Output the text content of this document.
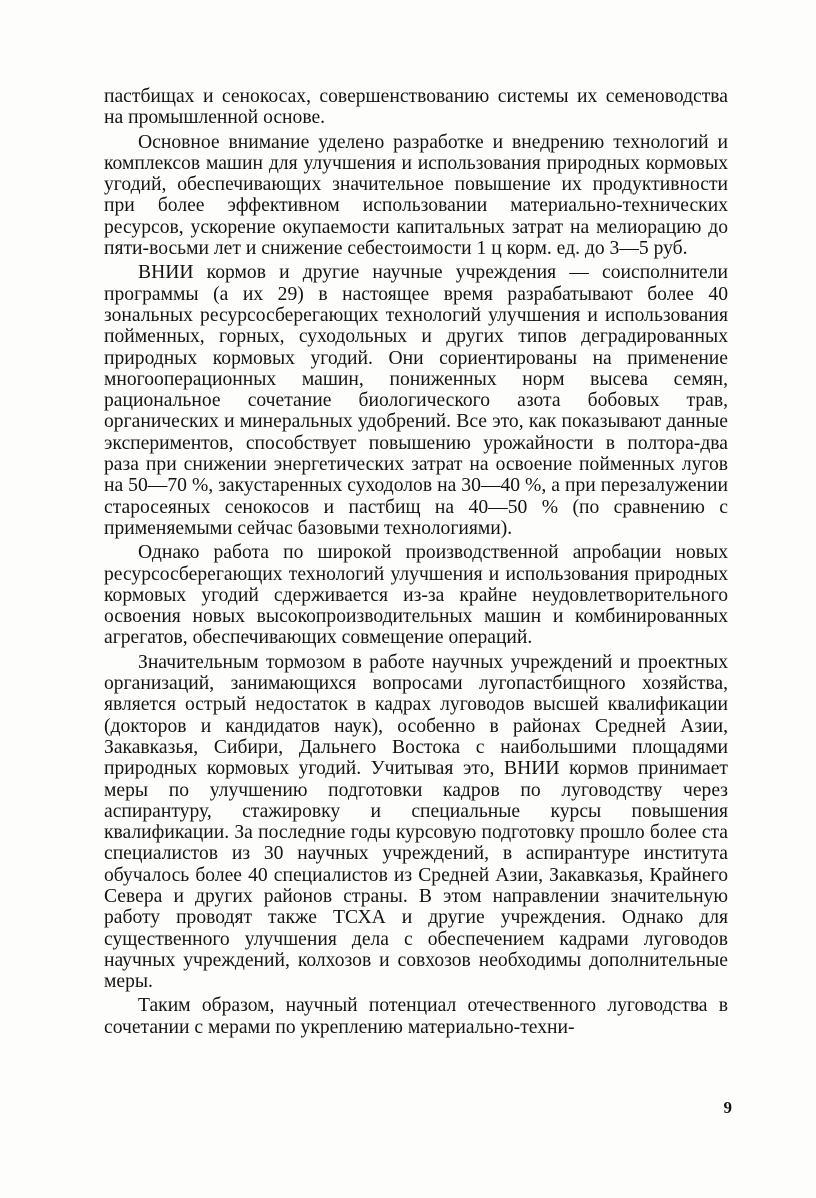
пастбищах и сенокосах, совершенствованию системы их семеноводства на промышленной основе.

Основное внимание уделено разработке и внедрению технологий и комплексов машин для улучшения и использования природных кормовых угодий, обеспечивающих значительное повышение их продуктивности при более эффективном использовании материально-технических ресурсов, ускорение окупаемости капитальных затрат на мелиорацию до пяти-восьми лет и снижение себестоимости 1 ц корм. ед. до 3—5 руб.

ВНИИ кормов и другие научные учреждения — соисполнители программы (а их 29) в настоящее время разрабатывают более 40 зональных ресурсосберегающих технологий улучшения и использования пойменных, горных, суходольных и других типов деградированных природных кормовых угодий. Они сориентированы на применение многооперационных машин, пониженных норм высева семян, рациональное сочетание биологического азота бобовых трав, органических и минеральных удобрений. Все это, как показывают данные экспериментов, способствует повышению урожайности в полтора-два раза при снижении энергетических затрат на освоение пойменных лугов на 50—70 %, закустаренных суходолов на 30—40 %, а при перезалужении старосеяных сенокосов и пастбищ на 40—50 % (по сравнению с применяемыми сейчас базовыми технологиями).

Однако работа по широкой производственной апробации новых ресурсосберегающих технологий улучшения и использования природных кормовых угодий сдерживается из-за крайне неудовлетворительного освоения новых высокопроизводительных машин и комбинированных агрегатов, обеспечивающих совмещение операций.

Значительным тормозом в работе научных учреждений и проектных организаций, занимающихся вопросами лугопастбищного хозяйства, является острый недостаток в кадрах луговодов высшей квалификации (докторов и кандидатов наук), особенно в районах Средней Азии, Закавказья, Сибири, Дальнего Востока с наибольшими площадями природных кормовых угодий. Учитывая это, ВНИИ кормов принимает меры по улучшению подготовки кадров по луговодству через аспирантуру, стажировку и специальные курсы повышения квалификации. За последние годы курсовую подготовку прошло более ста специалистов из 30 научных учреждений, в аспирантуре института обучалось более 40 специалистов из Средней Азии, Закавказья, Крайнего Севера и других районов страны. В этом направлении значительную работу проводят также ТСХА и другие учреждения. Однако для существенного улучшения дела с обеспечением кадрами луговодов научных учреждений, колхозов и совхозов необходимы дополнительные меры.

Таким образом, научный потенциал отечественного луговодства в сочетании с мерами по укреплению материально-техни-

9
